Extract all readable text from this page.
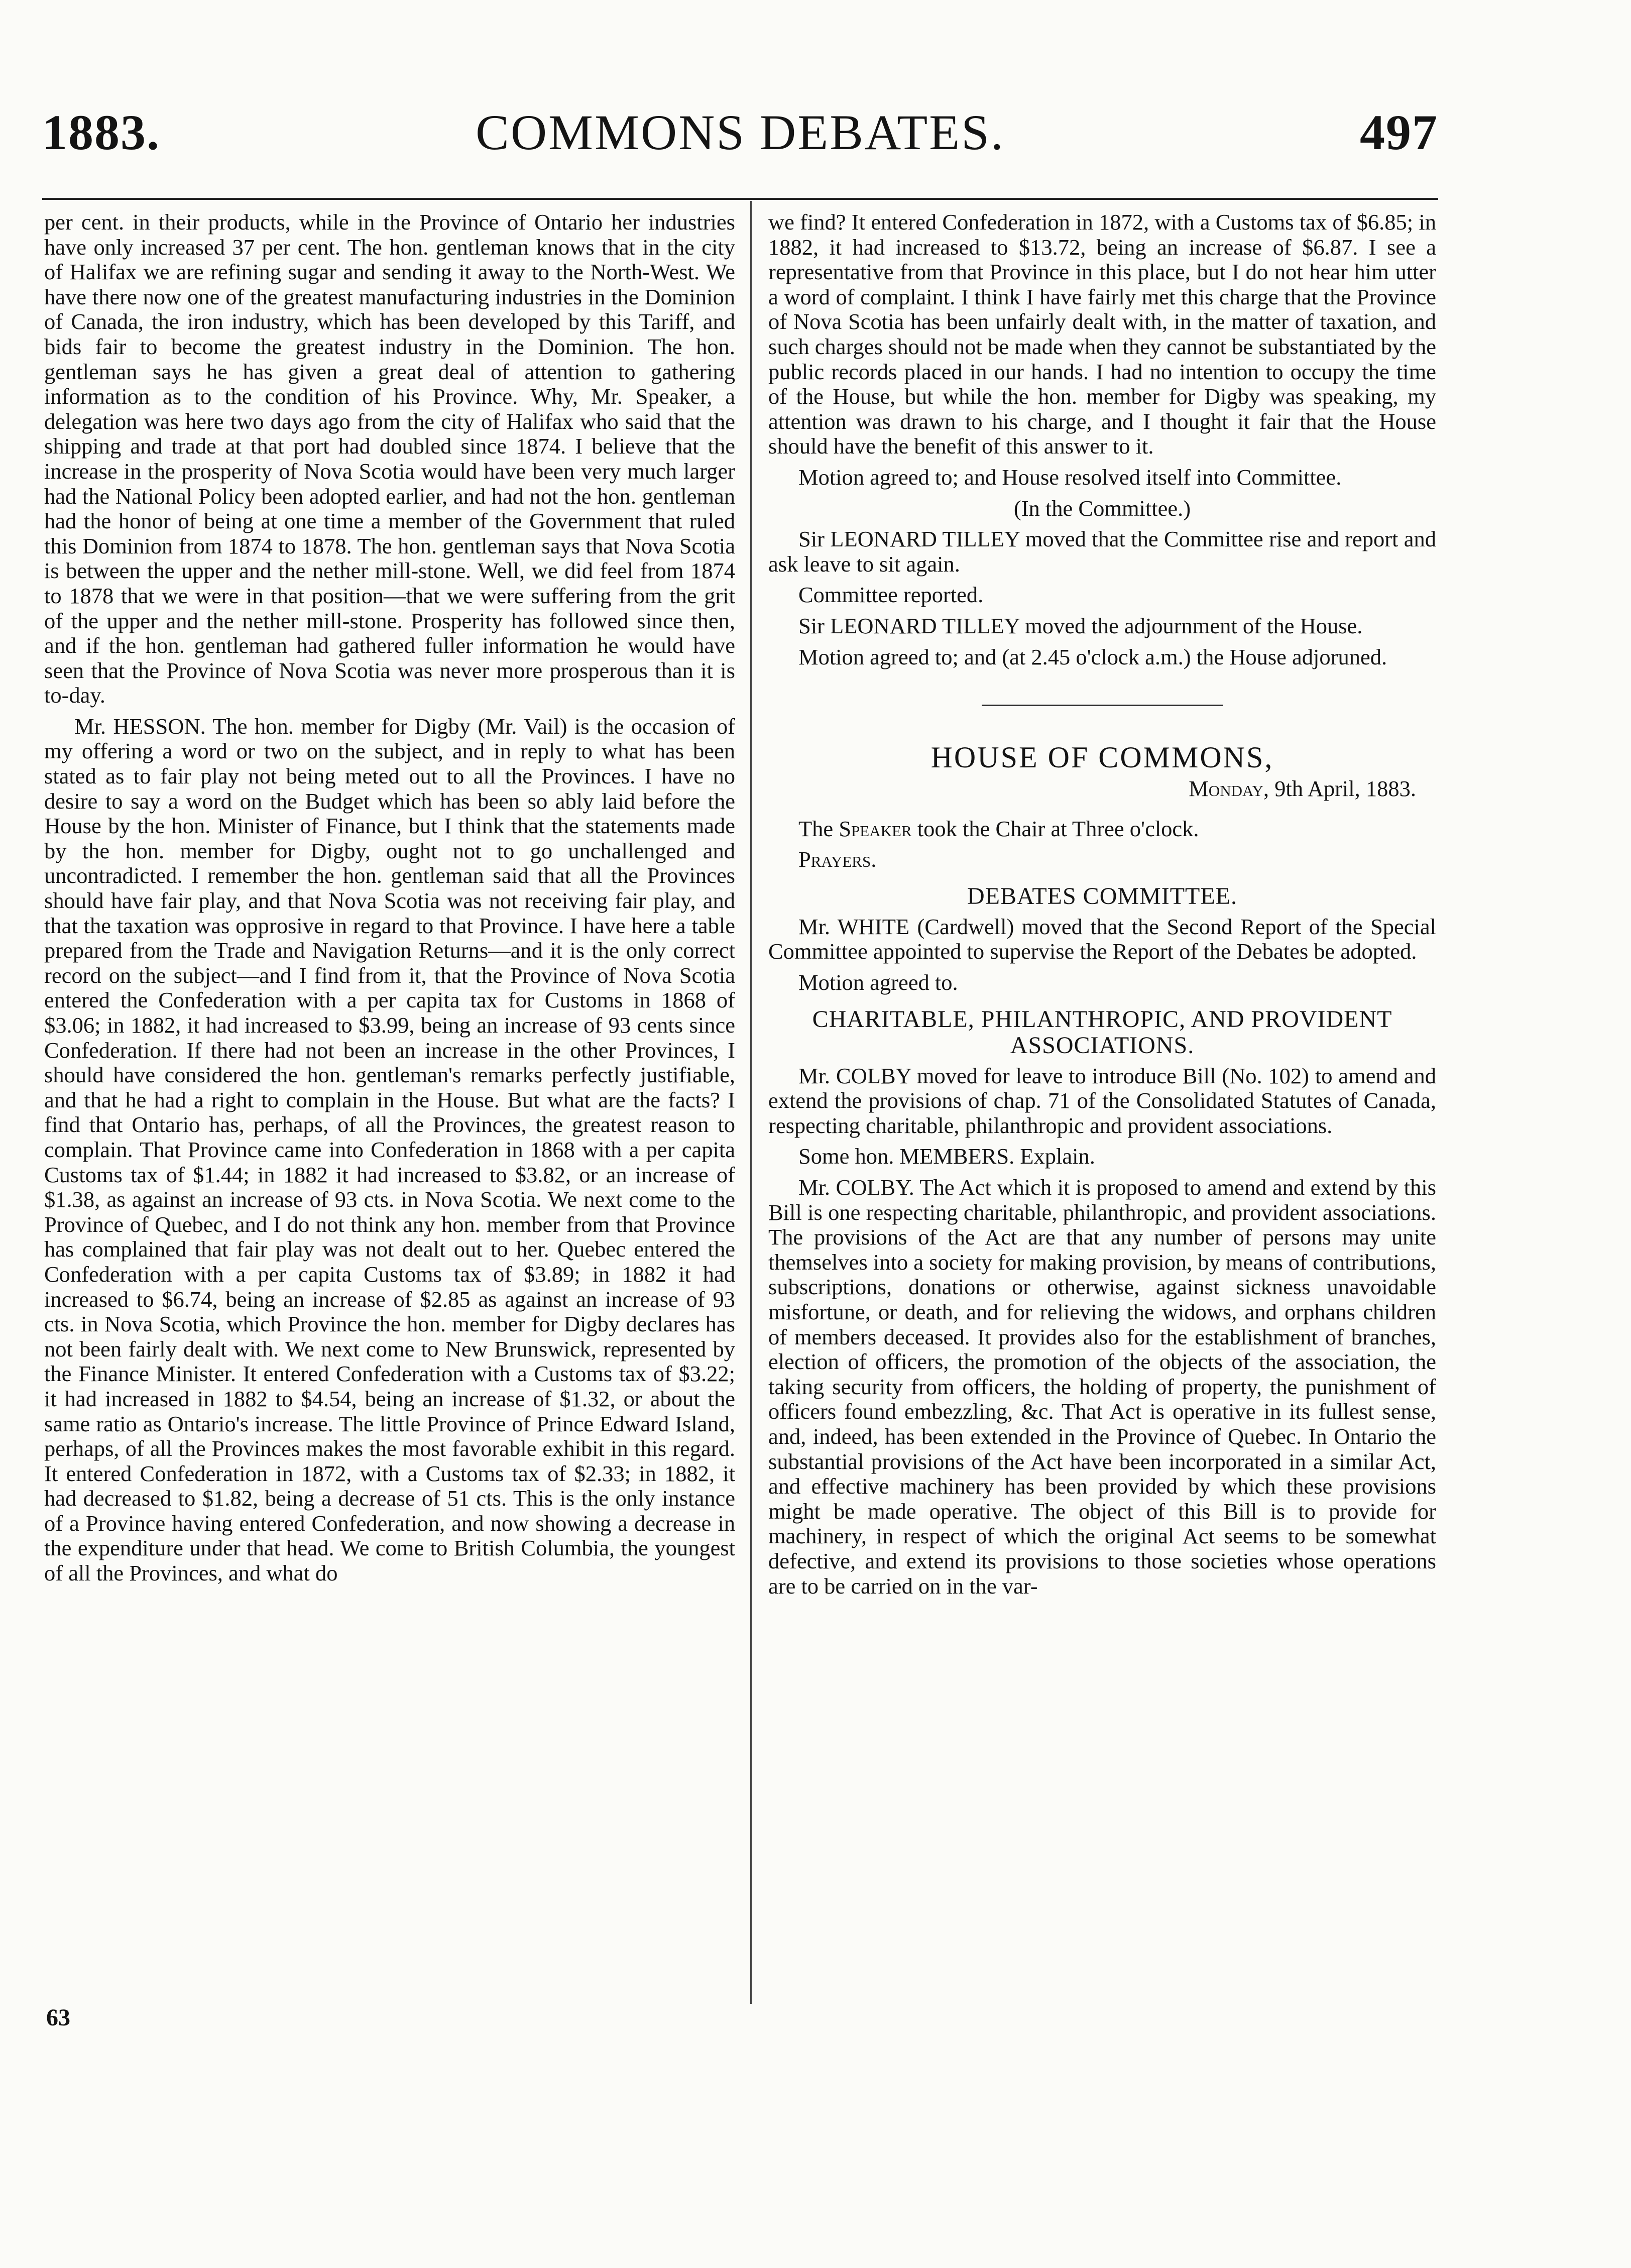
1883.	COMMONS DEBATES.	497

per cent. in their products, while in the Province of Ontario her industries have only increased 37 per cent. The hon. gentleman knows that in the city of Halifax we are refining sugar and sending it away to the North-West. We have there now one of the greatest manufacturing industries in the Dominion of Canada, the iron industry, which has been developed by this Tariff, and bids fair to become the greatest industry in the Dominion. The hon. gentleman says he has given a great deal of attention to gathering information as to the condition of his Province. Why, Mr. Speaker, a delegation was here two days ago from the city of Halifax who said that the shipping and trade at that port had doubled since 1874. I believe that the increase in the prosperity of Nova Scotia would have been very much larger had the National Policy been adopted earlier, and had not the hon. gentleman had the honor of being at one time a member of the Government that ruled this Dominion from 1874 to 1878. The hon. gentleman says that Nova Scotia is between the upper and the nether mill-stone. Well, we did feel from 1874 to 1878 that we were in that position—that we were suffering from the grit of the upper and the nether mill-stone. Prosperity has followed since then, and if the hon. gentleman had gathered fuller information he would have seen that the Province of Nova Scotia was never more prosperous than it is to-day.

Mr. HESSON. The hon. member for Digby (Mr. Vail) is the occasion of my offering a word or two on the subject, and in reply to what has been stated as to fair play not being meted out to all the Provinces. I have no desire to say a word on the Budget which has been so ably laid before the House by the hon. Minister of Finance, but I think that the statements made by the hon. member for Digby, ought not to go unchallenged and uncontradicted. I remember the hon. gentleman said that all the Provinces should have fair play, and that Nova Scotia was not receiving fair play, and that the taxation was opprosive in regard to that Province. I have here a table prepared from the Trade and Navigation Returns—and it is the only correct record on the subject—and I find from it, that the Province of Nova Scotia entered the Confederation with a per capita tax for Customs in 1868 of $3.06; in 1882, it had increased to $3.99, being an increase of 93 cents since Confederation. If there had not been an increase in the other Provinces, I should have considered the hon. gentleman's remarks perfectly justifiable, and that he had a right to complain in the House. But what are the facts? I find that Ontario has, perhaps, of all the Provinces, the greatest reason to complain. That Province came into Confederation in 1868 with a per capita Customs tax of $1.44; in 1882 it had increased to $3.82, or an increase of $1.38, as against an increase of 93 cts. in Nova Scotia. We next come to the Province of Quebec, and I do not think any hon. member from that Province has complained that fair play was not dealt out to her. Quebec entered the Confederation with a per capita Customs tax of $3.89; in 1882 it had increased to $6.74, being an increase of $2.85 as against an increase of 93 cts. in Nova Scotia, which Province the hon. member for Digby declares has not been fairly dealt with. We next come to New Brunswick, represented by the Finance Minister. It entered Confederation with a Customs tax of $3.22; it had increased in 1882 to $4.54, being an increase of $1.32, or about the same ratio as Ontario's increase. The little Province of Prince Edward Island, perhaps, of all the Provinces makes the most favorable exhibit in this regard. It entered Confederation in 1872, with a Customs tax of $2.33; in 1882, it had decreased to $1.82, being a decrease of 51 cts. This is the only instance of a Province having entered Confederation, and now showing a decrease in the expenditure under that head. We come to British Columbia, the youngest of all the Provinces, and what do

we find? It entered Confederation in 1872, with a Customs tax of $6.85; in 1882, it had increased to $13.72, being an increase of $6.87. I see a representative from that Province in this place, but I do not hear him utter a word of complaint. I think I have fairly met this charge that the Province of Nova Scotia has been unfairly dealt with, in the matter of taxation, and such charges should not be made when they cannot be substantiated by the public records placed in our hands. I had no intention to occupy the time of the House, but while the hon. member for Digby was speaking, my attention was drawn to his charge, and I thought it fair that the House should have the benefit of this answer to it.

Motion agreed to; and House resolved itself into Committee.

(In the Committee.)

Sir LEONARD TILLEY moved that the Committee rise and report and ask leave to sit again.

Committee reported.

Sir LEONARD TILLEY moved the adjournment of the House.

Motion agreed to; and (at 2.45 o'clock a.m.) the House adjoruned.

HOUSE OF COMMONS,
Monday, 9th April, 1883.

The Speaker took the Chair at Three o'clock.

Prayers.

DEBATES COMMITTEE.

Mr. WHITE (Cardwell) moved that the Second Report of the Special Committee appointed to supervise the Report of the Debates be adopted.

Motion agreed to.

CHARITABLE, PHILANTHROPIC, AND PROVIDENT ASSOCIATIONS.

Mr. COLBY moved for leave to introduce Bill (No. 102) to amend and extend the provisions of chap. 71 of the Consolidated Statutes of Canada, respecting charitable, philanthropic and provident associations.

Some hon. MEMBERS. Explain.

Mr. COLBY. The Act which it is proposed to amend and extend by this Bill is one respecting charitable, philanthropic, and provident associations. The provisions of the Act are that any number of persons may unite themselves into a society for making provision, by means of contributions, subscriptions, donations or otherwise, against sickness unavoidable misfortune, or death, and for relieving the widows, and orphans children of members deceased. It provides also for the establishment of branches, election of officers, the promotion of the objects of the association, the taking security from officers, the holding of property, the punishment of officers found embezzling, &c. That Act is operative in its fullest sense, and, indeed, has been extended in the Province of Quebec. In Ontario the substantial provisions of the Act have been incorporated in a similar Act, and effective machinery has been provided by which these provisions might be made operative. The object of this Bill is to provide for machinery, in respect of which the original Act seems to be somewhat defective, and extend its provisions to those societies whose operations are to be carried on in the var-

63
